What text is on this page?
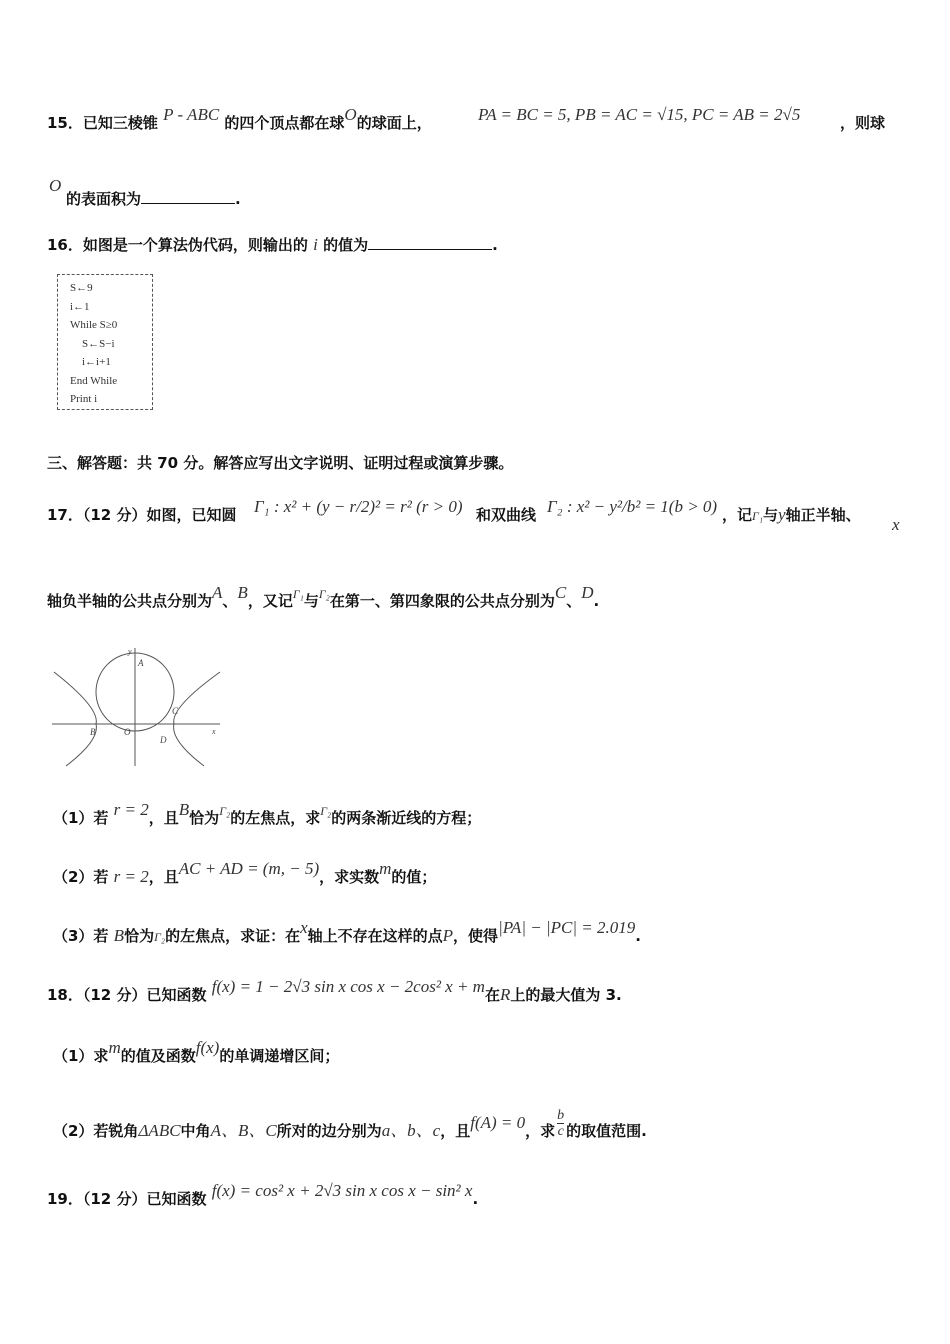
15．已知三棱锥 P - ABC 的四个顶点都在球O的球面上，	PA = BC = 5, PB = AC = √15, PC = AB = 2√5	，则球
O
的表面积为	.
16．如图是一个算法伪代码，则输出的 i 的值为	.
S←9
i←1
While S≥0
S←S−i
i←i+1
End While
Print i
三、解答题：共 70 分。解答应写出文字说明、证明过程或演算步骤。
17．（12 分）如图，已知圆 Γ₁ : x² + (y − r/2)² = r² (r > 0) 和双曲线 Γ₂ : x² − y²/b² = 1(b > 0) ，记Γ₁与y轴正半轴、 x
轴负半轴的公共点分别为A、B，又记$^{\Gamma_1}$与$^{\Gamma_2}$在第一、第四象限的公共点分别为C、D.
y
A
B	O
C
D
x
（1）若 r = 2，且B恰为$^{\Gamma_2}$的左焦点，求$^{\Gamma_2}$的两条渐近线的方程；
（2）若 r = 2，且AC + AD = (m, − 5)，求实数m的值；
（3）若 B恰为Γ₂的左焦点，求证：在x轴上不存在这样的点P，使得|PA| − |PC| = 2.019.
18．（12 分）已知函数 f(x) = 1 − 2√3 sin x cos x − 2cos² x + m在R上的最大值为 3.
（1）求m的值及函数f(x)的单调递增区间；
（2）若锐角ΔABC中角A、B、C所对的边分别为a、b、c，且f(A) = 0，求 $\frac{b}{c}$ 的取值范围.
19．（12 分）已知函数 f(x) = cos² x + 2√3 sin x cos x − sin² x.
